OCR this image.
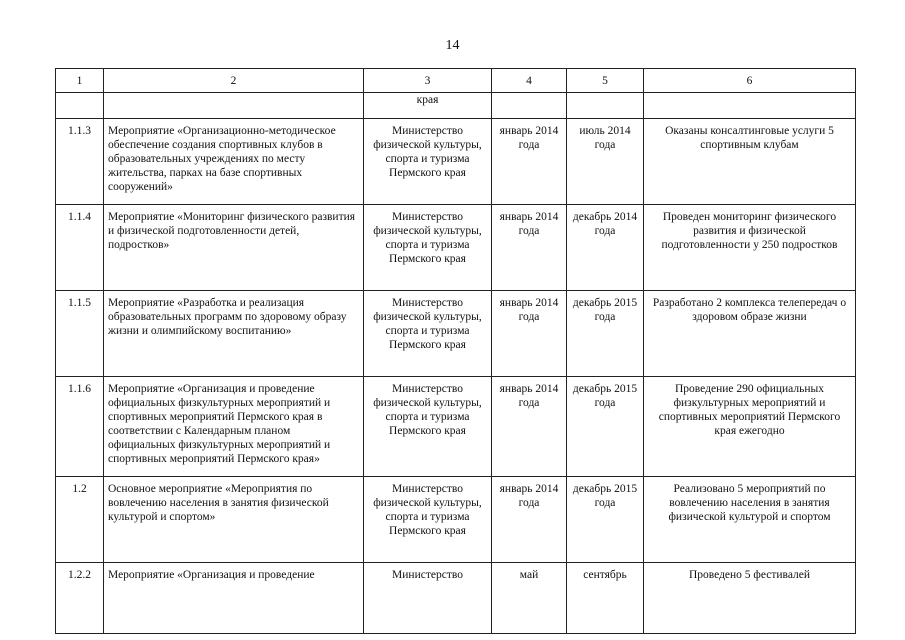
14
1	2	3	4	5	6
		края			
1.1.3	Мероприятие «Организационно-методическое обеспечение создания спортивных клубов в образовательных учреждениях по месту жительства, парках на базе спортивных сооружений»	Министерство физической культуры, спорта и туризма Пермского края	январь 2014 года	июль 2014 года	Оказаны консалтинговые услуги 5 спортивным клубам
1.1.4	Мероприятие «Мониторинг физического развития и физической подготовленности детей, подростков»	Министерство физической культуры, спорта и туризма Пермского края	январь 2014 года	декабрь 2014 года	Проведен мониторинг физического развития и физической подготовленности у 250 подростков
1.1.5	Мероприятие «Разработка и реализация образовательных программ по здоровому образу жизни и олимпийскому воспитанию»	Министерство физической культуры, спорта и туризма Пермского края	январь 2014 года	декабрь 2015 года	Разработано 2 комплекса телепередач о здоровом образе жизни
1.1.6	Мероприятие «Организация и проведение официальных физкультурных мероприятий и спортивных мероприятий Пермского края в соответствии с Календарным планом официальных физкультурных мероприятий и спортивных мероприятий Пермского края»	Министерство физической культуры, спорта и туризма Пермского края	январь 2014 года	декабрь 2015 года	Проведение 290 официальных физкультурных мероприятий и спортивных мероприятий Пермского края ежегодно
1.2	Основное мероприятие «Мероприятия по вовлечению населения в занятия физической культурой и спортом»	Министерство физической культуры, спорта и туризма Пермского края	январь 2014 года	декабрь 2015 года	Реализовано 5 мероприятий по вовлечению населения в занятия физической культурой и спортом
1.2.2	Мероприятие «Организация и проведение	Министерство	май	сентябрь	Проведено 5 фестивалей
